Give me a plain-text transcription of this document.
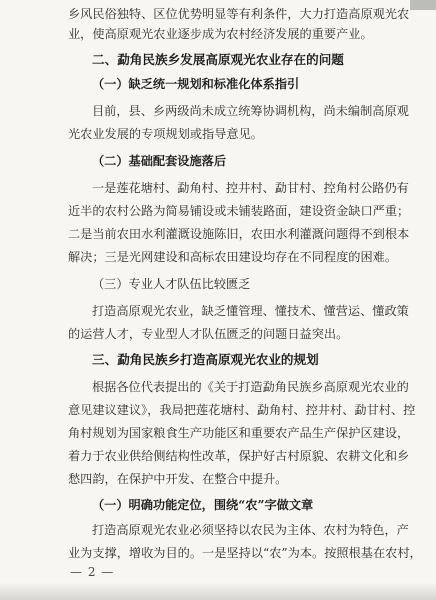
乡风民俗独特、区位优势明显等有利条件，大力打造高原观光农
业，使高原观光农业逐步成为农村经济发展的重要产业。
二、勐角民族乡发展高原观光农业存在的问题
（一）缺乏统一规划和标准化体系指引
目前，县、乡两级尚未成立统筹协调机构，尚未编制高原观
光农业发展的专项规划或指导意见。
（二）基础配套设施落后
一是莲花塘村、勐角村、控井村、勐甘村、控角村公路仍有
近半的农村公路为简易铺设或未铺装路面，建设资金缺口严重；
二是当前农田水利灌溉设施陈旧，农田水利灌溉问题得不到根本
解决；三是光网建设和高标农田建设均存在不同程度的困难。
（三）专业人才队伍比较匮乏
打造高原观光农业，缺乏懂管理、懂技术、懂营运、懂政策
的运营人才，专业型人才队伍匮乏的问题日益突出。
三、勐角民族乡打造高原观光农业的规划
根据各位代表提出的《关于打造勐角民族乡高原观光农业的
意见建议建议》，我局把莲花塘村、勐角村、控井村、勐甘村、控
角村规划为国家粮食生产功能区和重要农产品生产保护区建设，
着力于农业供给侧结构性改革，保护好古村原貌、农耕文化和乡
愁四韵，在保护中开发、在整合中提升。
（一）明确功能定位，围绕“农”字做文章
打造高原观光农业必须坚持以农民为主体、农村为特色，产
业为支撑，增收为目的。一是坚持以“农”为本。按照根基在农村，
— 2 —
